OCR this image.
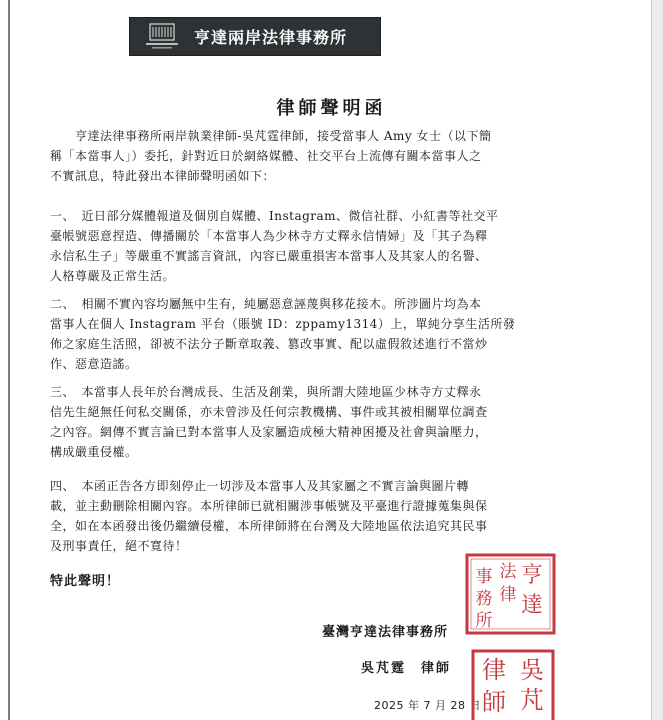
亨達兩岸法律事務所
律師聲明函
　　亨達法律事務所兩岸執業律師-吳芃霆律師，接受當事人 Amy 女士（以下簡
稱「本當事人」）委托，針對近日於網絡媒體、社交平台上流傳有關本當事人之
不實訊息，特此發出本律師聲明函如下：
一、　近日部分媒體報道及個別自媒體、Instagram、微信社群、小紅書等社交平
臺帳號惡意捏造、傳播關於「本當事人為少林寺方丈釋永信情婦」及「其子為釋
永信私生子」等嚴重不實謠言資訊，內容已嚴重損害本當事人及其家人的名譽、
人格尊嚴及正常生活。
二、　相關不實內容均屬無中生有，純屬惡意誣蔑與移花接木。所涉圖片均為本
當事人在個人 Instagram 平台（賬號 ID：zppamy1314）上，單純分享生活所發
佈之家庭生活照，卻被不法分子斷章取義、篡改事實、配以虛假敘述進行不當炒
作、惡意造謠。
三、　本當事人長年於台灣成長、生活及創業，與所謂大陸地區少林寺方丈釋永
信先生絕無任何私交關係，亦未曾涉及任何宗教機構、事件或其被相關單位調查
之內容。網傳不實言論已對本當事人及家屬造成極大精神困擾及社會與論壓力，
構成嚴重侵權。
四、　本函正告各方即刻停止一切涉及本當事人及其家屬之不實言論與圖片轉
載，並主動刪除相關內容。本所律師已就相關涉事帳號及平臺進行證據蒐集與保
全，如在本函發出後仍繼續侵權，本所律師將在台灣及大陸地區依法追究其民事
及刑事責任，絕不寬待！
特此聲明！
臺灣亨達法律事務所
吳芃霆　律師
2025 年 7 月 28 日
亨
達
法
律
事
務
所
吳
芃
律
師
